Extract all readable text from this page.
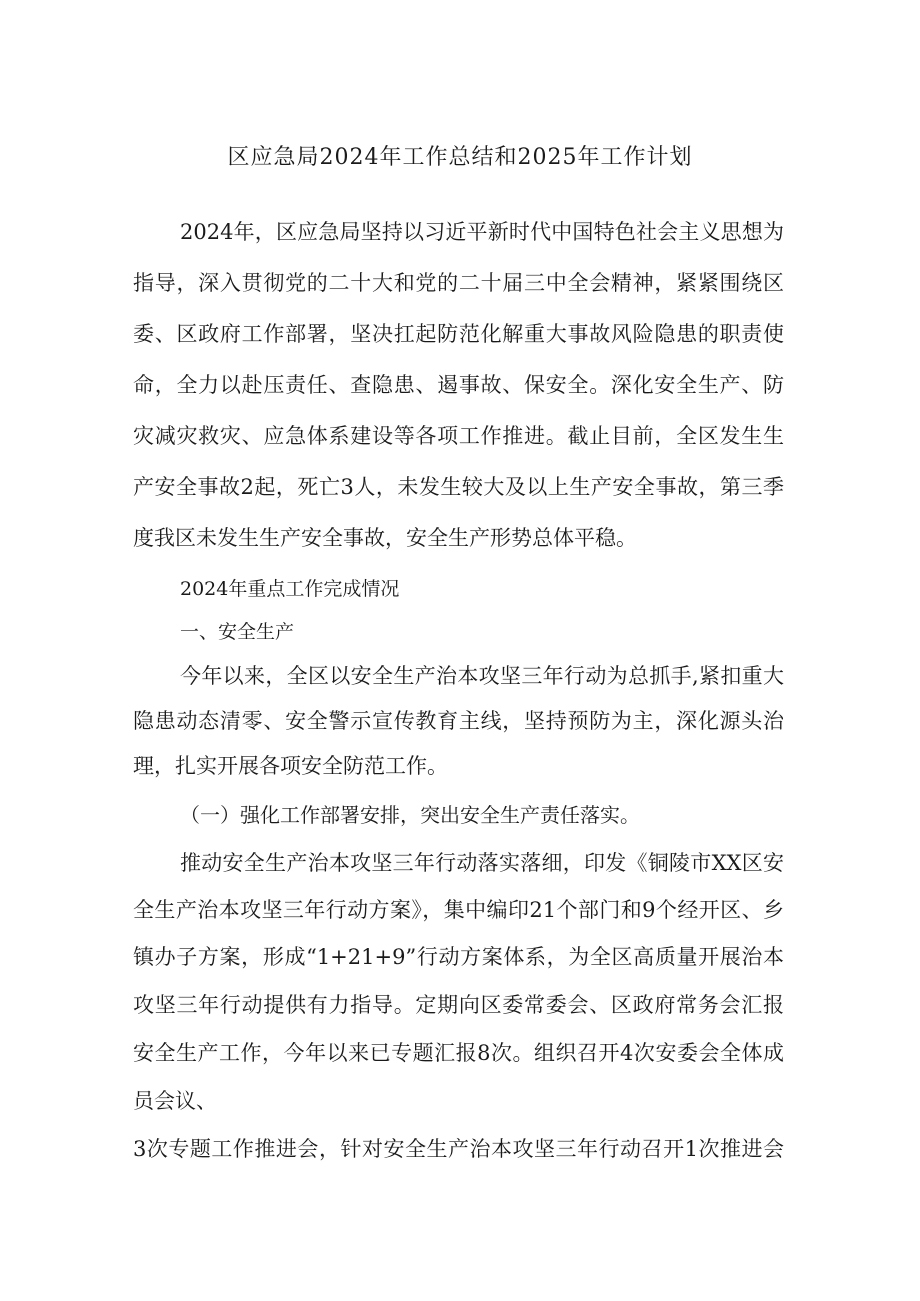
区应急局2024年工作总结和2025年工作计划
2024年，区应急局坚持以习近平新时代中国特色社会主义思想为
指导，深入贯彻党的二十大和党的二十届三中全会精神，紧紧围绕区
委、区政府工作部署，坚决扛起防范化解重大事故风险隐患的职责使
命，全力以赴压责任、查隐患、遏事故、保安全。深化安全生产、防
灾减灾救灾、应急体系建设等各项工作推进。截止目前，全区发生生
产安全事故2起，死亡3人，未发生较大及以上生产安全事故，第三季
度我区未发生生产安全事故，安全生产形势总体平稳。
2024年重点工作完成情况
一、安全生产
今年以来，全区以安全生产治本攻坚三年行动为总抓手,紧扣重大
隐患动态清零、安全警示宣传教育主线，坚持预防为主，深化源头治
理，扎实开展各项安全防范工作。
（一）强化工作部署安排，突出安全生产责任落实。
推动安全生产治本攻坚三年行动落实落细，印发《铜陵市XX区安
全生产治本攻坚三年行动方案》，集中编印21个部门和9个经开区、乡
镇办子方案，形成“1+21+9”行动方案体系，为全区高质量开展治本
攻坚三年行动提供有力指导。定期向区委常委会、区政府常务会汇报
安全生产工作，今年以来已专题汇报8次。组织召开4次安委会全体成
员会议、
3次专题工作推进会，针对安全生产治本攻坚三年行动召开1次推进会
